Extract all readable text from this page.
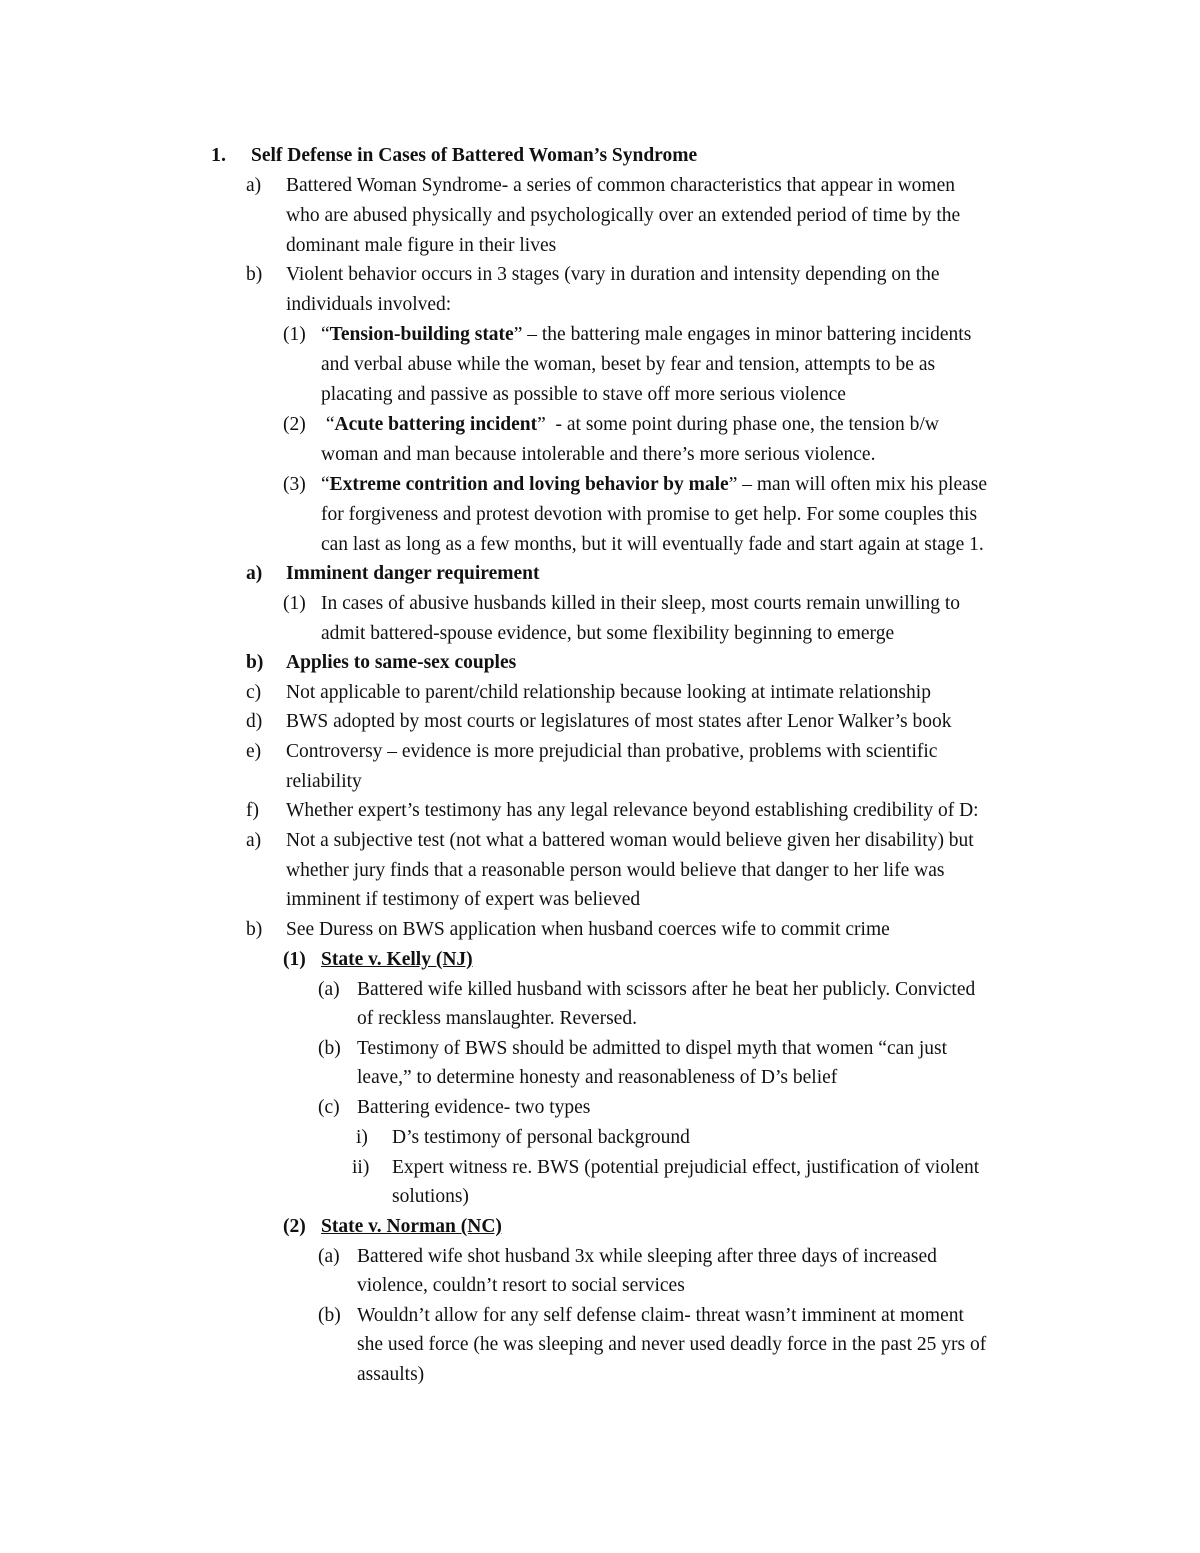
1. Self Defense in Cases of Battered Woman’s Syndrome
a) Battered Woman Syndrome- a series of common characteristics that appear in women
who are abused physically and psychologically over an extended period of time by the
dominant male figure in their lives
b) Violent behavior occurs in 3 stages (vary in duration and intensity depending on the
individuals involved:
(1) “Tension-building state” – the battering male engages in minor battering incidents
and verbal abuse while the woman, beset by fear and tension, attempts to be as
placating and passive as possible to stave off more serious violence
(2) “Acute battering incident”  - at some point during phase one, the tension b/w
woman and man because intolerable and there’s more serious violence.
(3) “Extreme contrition and loving behavior by male” – man will often mix his please
for forgiveness and protest devotion with promise to get help. For some couples this
can last as long as a few months, but it will eventually fade and start again at stage 1.
a) Imminent danger requirement
(1) In cases of abusive husbands killed in their sleep, most courts remain unwilling to
admit battered-spouse evidence, but some flexibility beginning to emerge
b) Applies to same-sex couples
c) Not applicable to parent/child relationship because looking at intimate relationship
d) BWS adopted by most courts or legislatures of most states after Lenor Walker’s book
e) Controversy – evidence is more prejudicial than probative, problems with scientific
reliability
f) Whether expert’s testimony has any legal relevance beyond establishing credibility of D:
a) Not a subjective test (not what a battered woman would believe given her disability) but
whether jury finds that a reasonable person would believe that danger to her life was
imminent if testimony of expert was believed
b) See Duress on BWS application when husband coerces wife to commit crime
(1) State v. Kelly (NJ)
(a) Battered wife killed husband with scissors after he beat her publicly. Convicted
of reckless manslaughter. Reversed.
(b) Testimony of BWS should be admitted to dispel myth that women “can just
leave,” to determine honesty and reasonableness of D’s belief
(c) Battering evidence- two types
i) D’s testimony of personal background
ii) Expert witness re. BWS (potential prejudicial effect, justification of violent
solutions)
(2) State v. Norman (NC)
(a) Battered wife shot husband 3x while sleeping after three days of increased
violence, couldn’t resort to social services
(b) Wouldn’t allow for any self defense claim- threat wasn’t imminent at moment
she used force (he was sleeping and never used deadly force in the past 25 yrs of
assaults)
